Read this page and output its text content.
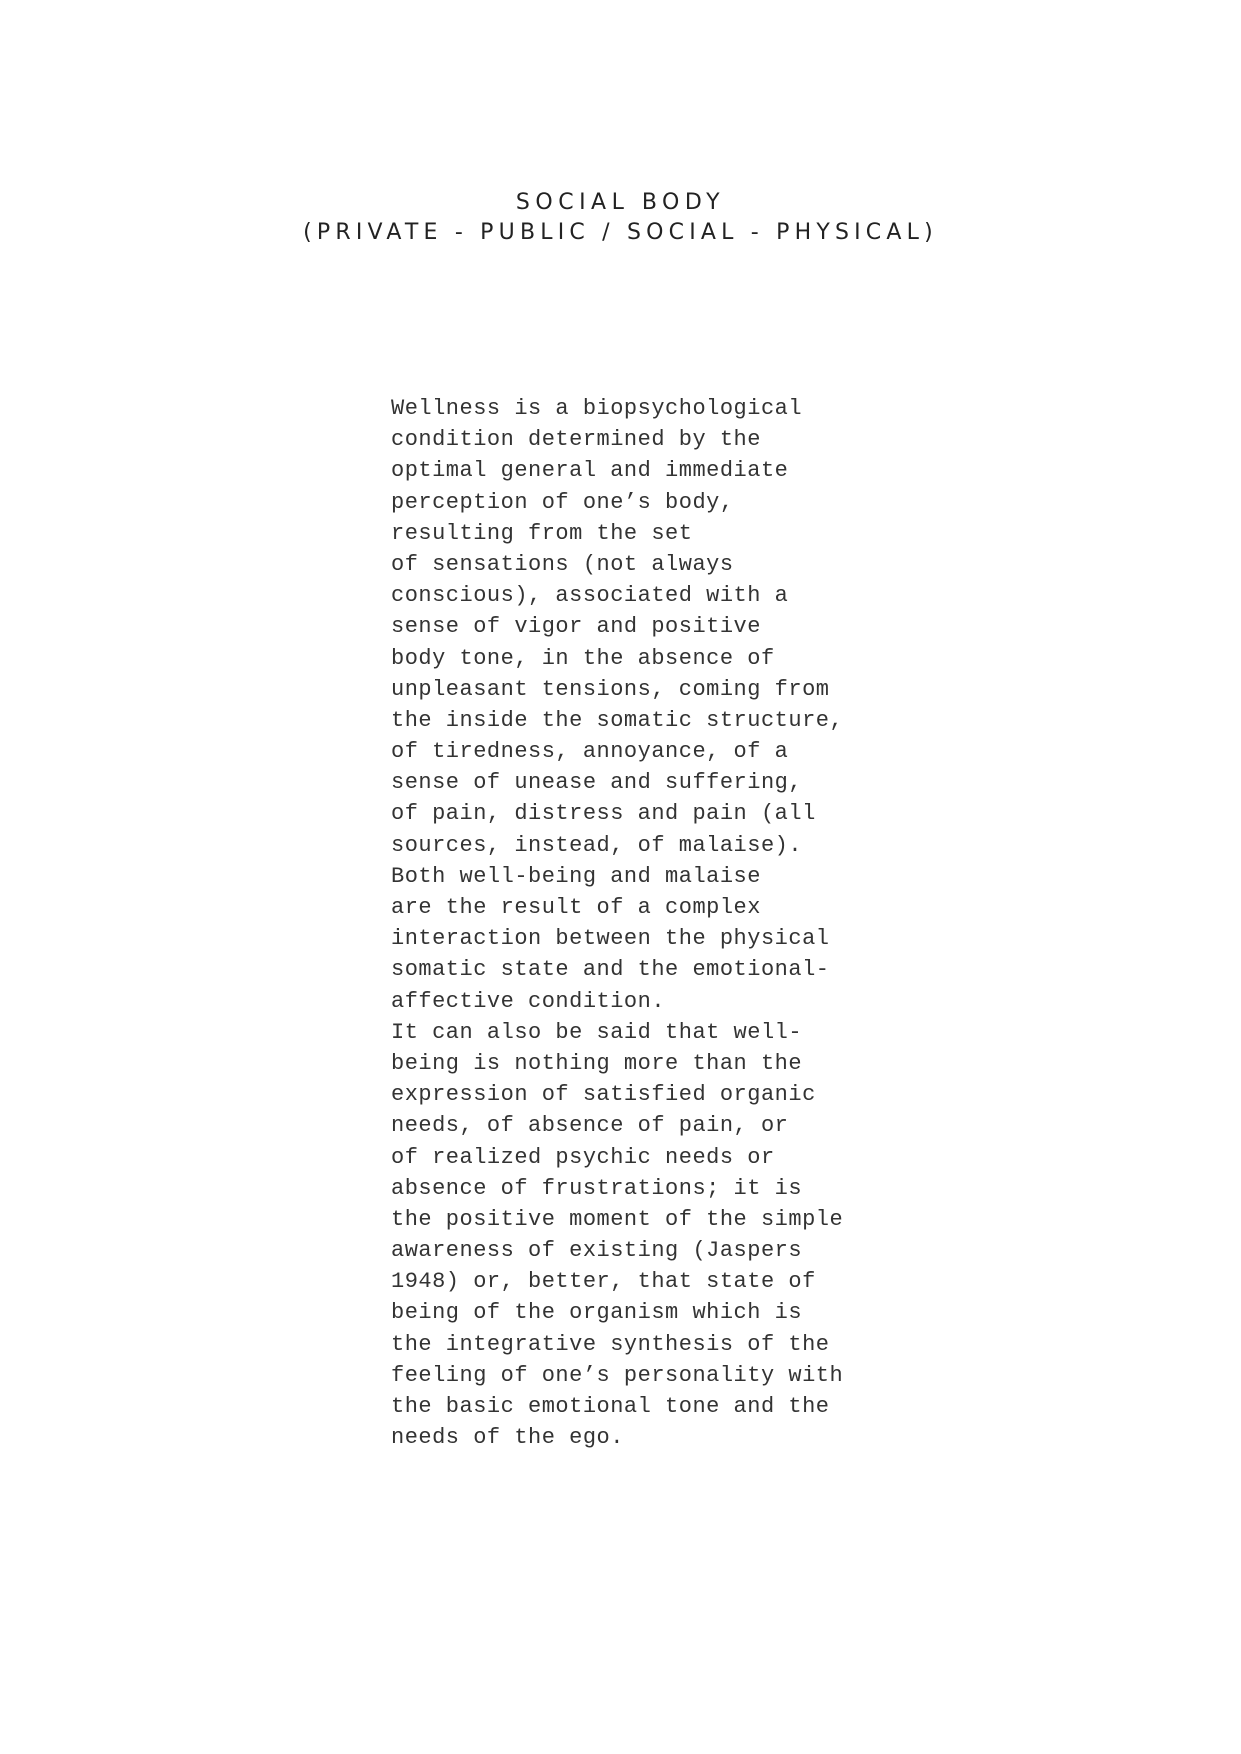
SOCIAL BODY
(PRIVATE - PUBLIC / SOCIAL - PHYSICAL)
Wellness is a biopsychological
condition determined by the
optimal general and immediate
perception of one’s body,
resulting from the set
of sensations (not always
conscious), associated with a
sense of vigor and positive
body tone, in the absence of
unpleasant tensions, coming from
the inside the somatic structure,
of tiredness, annoyance, of a
sense of unease and suffering,
of pain, distress and pain (all
sources, instead, of malaise).
Both well-being and malaise
are the result of a complex
interaction between the physical
somatic state and the emotional-
affective condition.
It can also be said that well-
being is nothing more than the
expression of satisfied organic
needs, of absence of pain, or
of realized psychic needs or
absence of frustrations; it is
the positive moment of the simple
awareness of existing (Jaspers
1948) or, better, that state of
being of the organism which is
the integrative synthesis of the
feeling of one’s personality with
the basic emotional tone and the
needs of the ego.
